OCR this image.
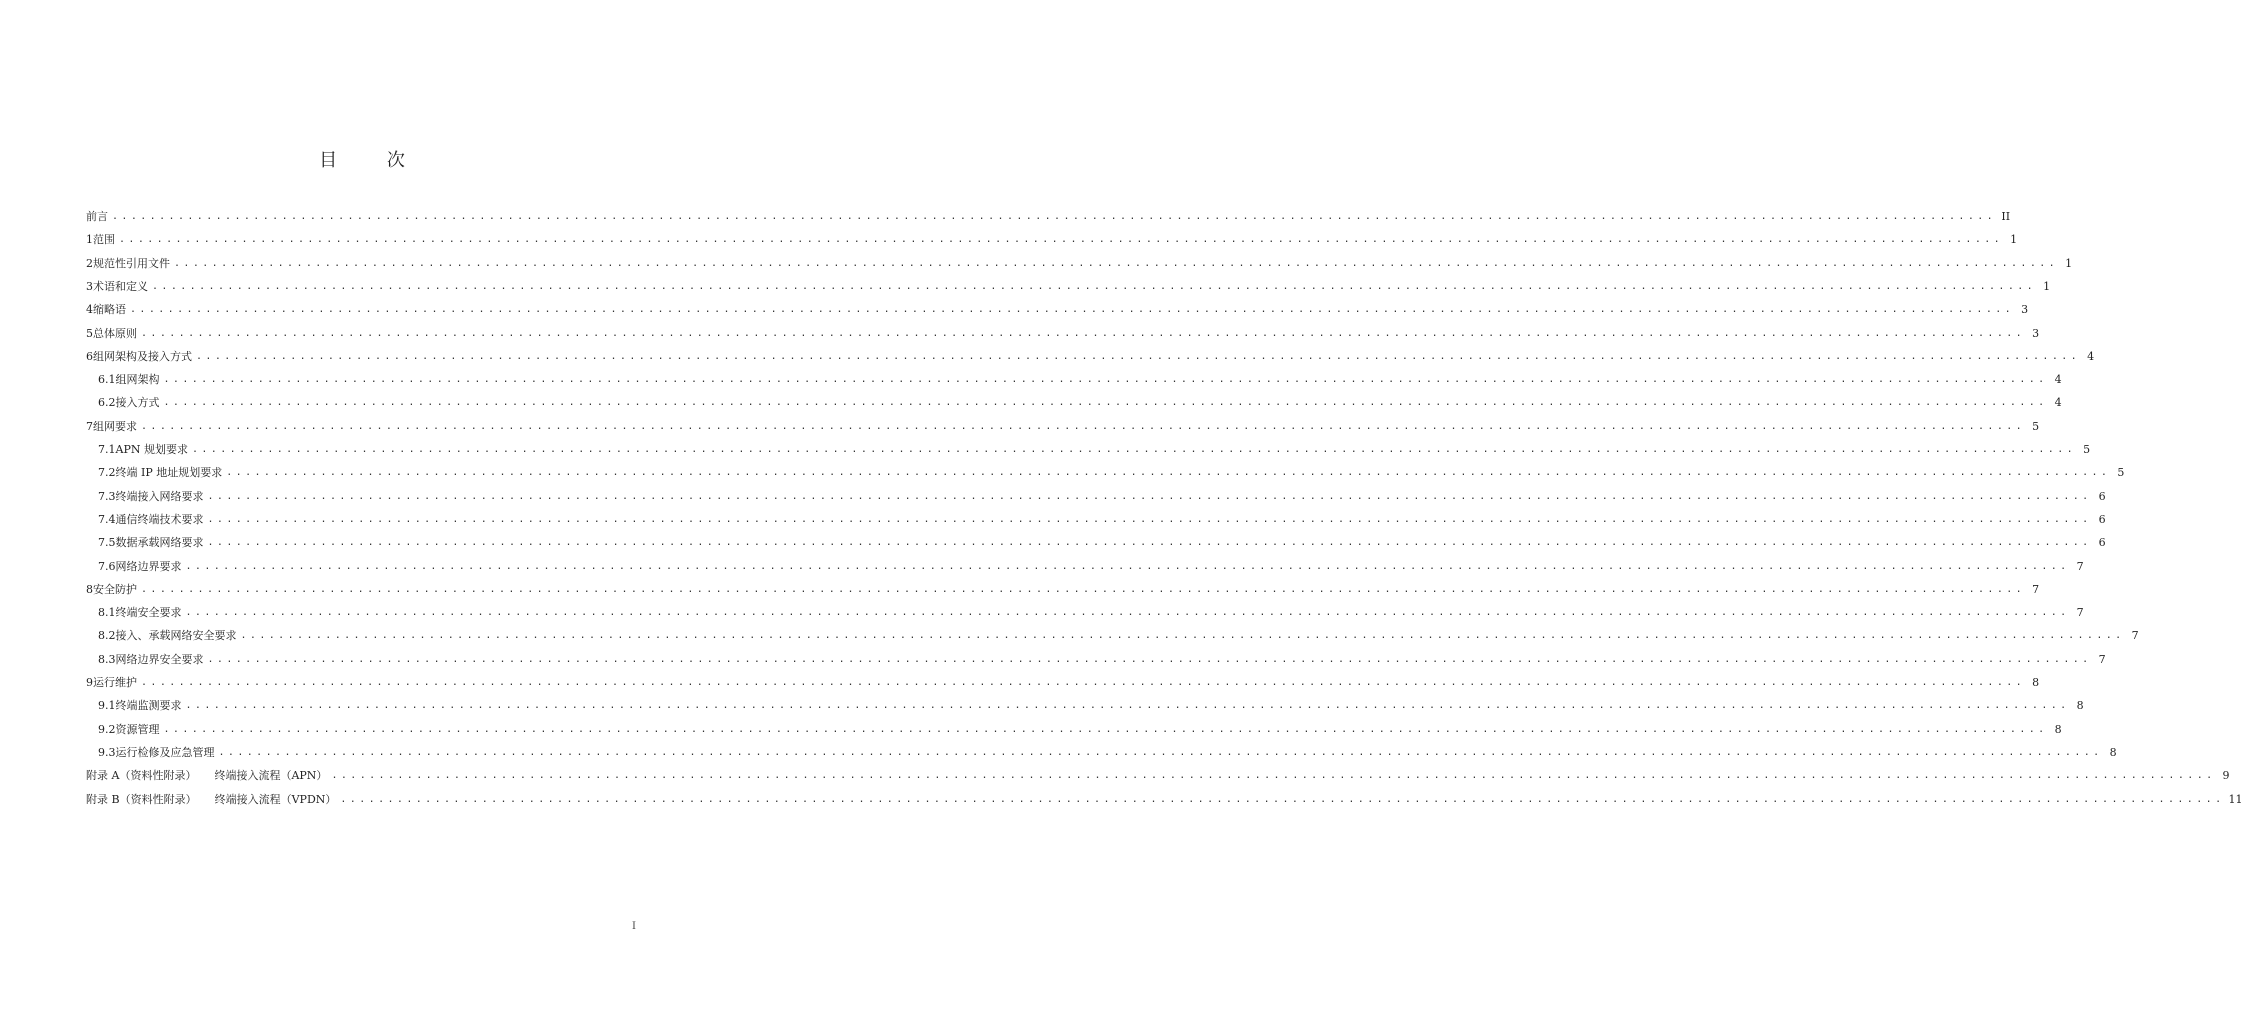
目 次
前言 ........................................................................................................................................................................................................ II
1 范围 ........................................................................................................................................................................................................ 1
2 规范性引用文件 ........................................................................................................................................................................................................ 1
3 术语和定义 ........................................................................................................................................................................................................ 1
4 缩略语 ........................................................................................................................................................................................................ 3
5 总体原则 ........................................................................................................................................................................................................ 3
6 组网架构及接入方式 ........................................................................................................................................................................................................ 4
6.1 组网架构 ........................................................................................................................................................................................................ 4
6.2 接入方式 ........................................................................................................................................................................................................ 4
7 组网要求 ........................................................................................................................................................................................................ 5
7.1 APN 规划要求 ........................................................................................................................................................................................................ 5
7.2 终端 IP 地址规划要求 ........................................................................................................................................................................................................ 5
7.3 终端接入网络要求 ........................................................................................................................................................................................................ 6
7.4 通信终端技术要求 ........................................................................................................................................................................................................ 6
7.5 数据承载网络要求 ........................................................................................................................................................................................................ 6
7.6 网络边界要求 ........................................................................................................................................................................................................ 7
8 安全防护 ........................................................................................................................................................................................................ 7
8.1 终端安全要求 ........................................................................................................................................................................................................ 7
8.2 接入、承载网络安全要求 ........................................................................................................................................................................................................ 7
8.3 网络边界安全要求 ........................................................................................................................................................................................................ 7
9 运行维护 ........................................................................................................................................................................................................ 8
9.1 终端监测要求 ........................................................................................................................................................................................................ 8
9.2 资源管理 ........................................................................................................................................................................................................ 8
9.3 运行检修及应急管理 ........................................................................................................................................................................................................ 8
附录 A（资料性附录） 终端接入流程（APN） ........................................................................................................................................................................................................ 9
附录 B（资料性附录） 终端接入流程（VPDN） ........................................................................................................................................................................................................ 11
I
